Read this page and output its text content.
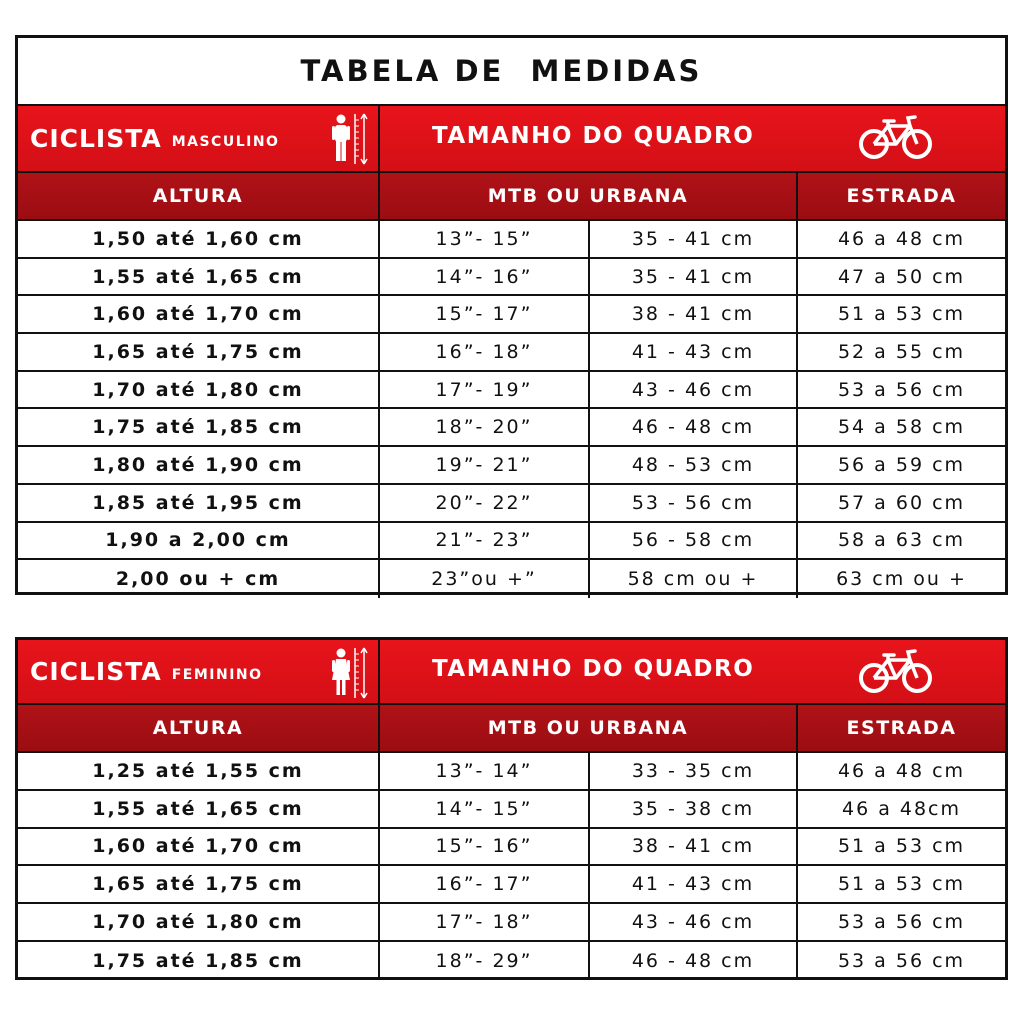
TABELA DE  MEDIDAS
CICLISTA MASCULINO	TAMANHO DO QUADRO
ALTURA	MTB OU URBANA	ESTRADA
1,50 até 1,60 cm	13”- 15”	35 - 41 cm	46 a 48 cm
1,55 até 1,65 cm	14”- 16”	35 - 41 cm	47 a 50 cm
1,60 até 1,70 cm	15”- 17”	38 - 41 cm	51 a 53 cm
1,65 até 1,75 cm	16”- 18”	41 - 43 cm	52 a 55 cm
1,70 até 1,80 cm	17”- 19”	43 - 46 cm	53 a 56 cm
1,75 até 1,85 cm	18”- 20”	46 - 48 cm	54 a 58 cm
1,80 até 1,90 cm	19”- 21”	48 - 53 cm	56 a 59 cm
1,85 até 1,95 cm	20”- 22”	53 - 56 cm	57 a 60 cm
1,90 a 2,00 cm	21”- 23”	56 - 58 cm	58 a 63 cm
2,00 ou + cm	23”ou +”	58 cm ou +	63 cm ou +
CICLISTA FEMININO	TAMANHO DO QUADRO
ALTURA	MTB OU URBANA	ESTRADA
1,25 até 1,55 cm	13”- 14”	33 - 35 cm	46 a 48 cm
1,55 até 1,65 cm	14”- 15”	35 - 38 cm	46 a 48cm
1,60 até 1,70 cm	15”- 16”	38 - 41 cm	51 a 53 cm
1,65 até 1,75 cm	16”- 17”	41 - 43 cm	51 a 53 cm
1,70 até 1,80 cm	17”- 18”	43 - 46 cm	53 a 56 cm
1,75 até 1,85 cm	18”- 29”	46 - 48 cm	53 a 56 cm
